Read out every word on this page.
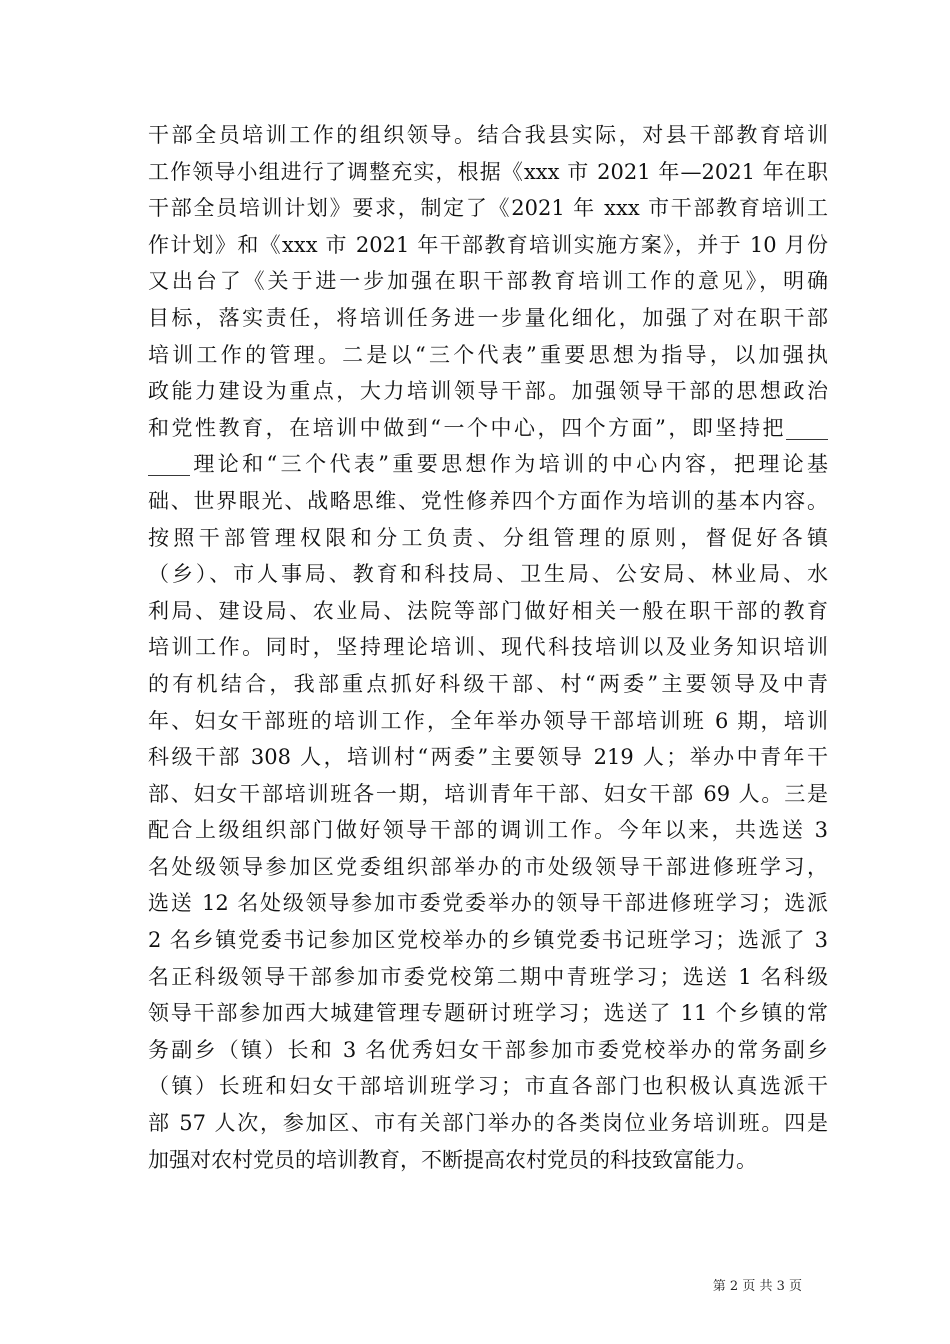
干部全员培训工作的组织领导。结合我县实际，对县干部教育培训
工作领导小组进行了调整充实，根据《xxx 市 2021 年—2021 年在职
干部全员培训计划》要求，制定了《2021 年 xxx 市干部教育培训工
作计划》和《xxx 市 2021 年干部教育培训实施方案》，并于 10 月份
又出台了《关于进一步加强在职干部教育培训工作的意见》，明确
目标，落实责任，将培训任务进一步量化细化，加强了对在职干部
培训工作的管理。二是以“三个代表”重要思想为指导，以加强执
政能力建设为重点，大力培训领导干部。加强领导干部的思想政治
和党性教育，在培训中做到“一个中心，四个方面”，即坚持把____
____理论和“三个代表”重要思想作为培训的中心内容，把理论基
础、世界眼光、战略思维、党性修养四个方面作为培训的基本内容。
按照干部管理权限和分工负责、分组管理的原则，督促好各镇
（乡）、市人事局、教育和科技局、卫生局、公安局、林业局、水
利局、建设局、农业局、法院等部门做好相关一般在职干部的教育
培训工作。同时，坚持理论培训、现代科技培训以及业务知识培训
的有机结合，我部重点抓好科级干部、村“两委”主要领导及中青
年、妇女干部班的培训工作，全年举办领导干部培训班 6 期，培训
科级干部 308 人，培训村“两委”主要领导 219 人；举办中青年干
部、妇女干部培训班各一期，培训青年干部、妇女干部 69 人。三是
配合上级组织部门做好领导干部的调训工作。今年以来，共选送 3
名处级领导参加区党委组织部举办的市处级领导干部进修班学习，
选送 12 名处级领导参加市委党委举办的领导干部进修班学习；选派
2 名乡镇党委书记参加区党校举办的乡镇党委书记班学习；选派了 3
名正科级领导干部参加市委党校第二期中青班学习；选送 1 名科级
领导干部参加西大城建管理专题研讨班学习；选送了 11 个乡镇的常
务副乡（镇）长和 3 名优秀妇女干部参加市委党校举办的常务副乡
（镇）长班和妇女干部培训班学习；市直各部门也积极认真选派干
部 57 人次，参加区、市有关部门举办的各类岗位业务培训班。四是
加强对农村党员的培训教育，不断提高农村党员的科技致富能力。
第 2 页 共 3 页
